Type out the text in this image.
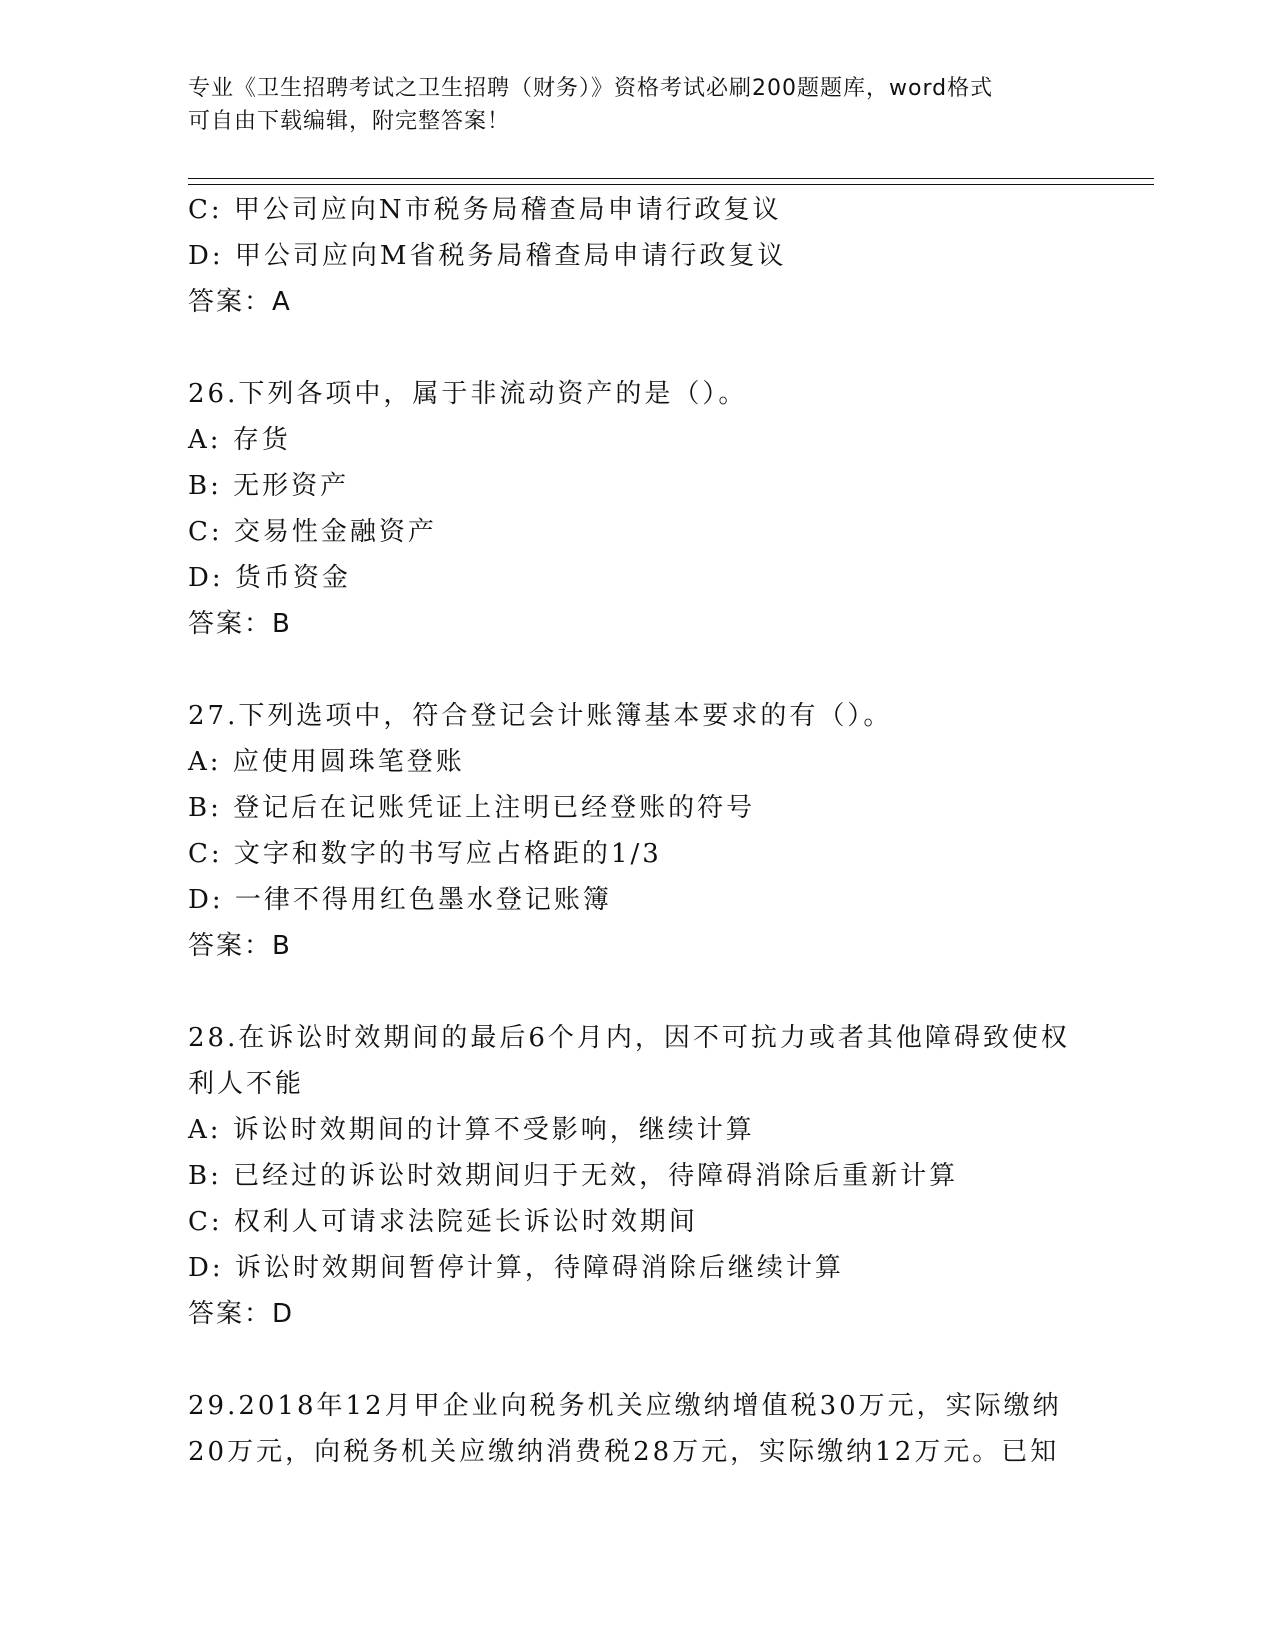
专业《卫生招聘考试之卫生招聘（财务）》资格考试必刷200题题库，word格式
可自由下载编辑，附完整答案！
C: 甲公司应向N市税务局稽查局申请行政复议
D: 甲公司应向M省税务局稽查局申请行政复议
答案：A
26.下列各项中，属于非流动资产的是（）。
A: 存货
B: 无形资产
C: 交易性金融资产
D: 货币资金
答案：B
27.下列选项中，符合登记会计账簿基本要求的有（）。
A: 应使用圆珠笔登账
B: 登记后在记账凭证上注明已经登账的符号
C: 文字和数字的书写应占格距的1/3
D: 一律不得用红色墨水登记账簿
答案：B
28.在诉讼时效期间的最后6个月内，因不可抗力或者其他障碍致使权
利人不能
A: 诉讼时效期间的计算不受影响，继续计算
B: 已经过的诉讼时效期间归于无效，待障碍消除后重新计算
C: 权利人可请求法院延长诉讼时效期间
D: 诉讼时效期间暂停计算，待障碍消除后继续计算
答案：D
29.2018年12月甲企业向税务机关应缴纳增值税30万元，实际缴纳
20万元，向税务机关应缴纳消费税28万元，实际缴纳12万元。已知
